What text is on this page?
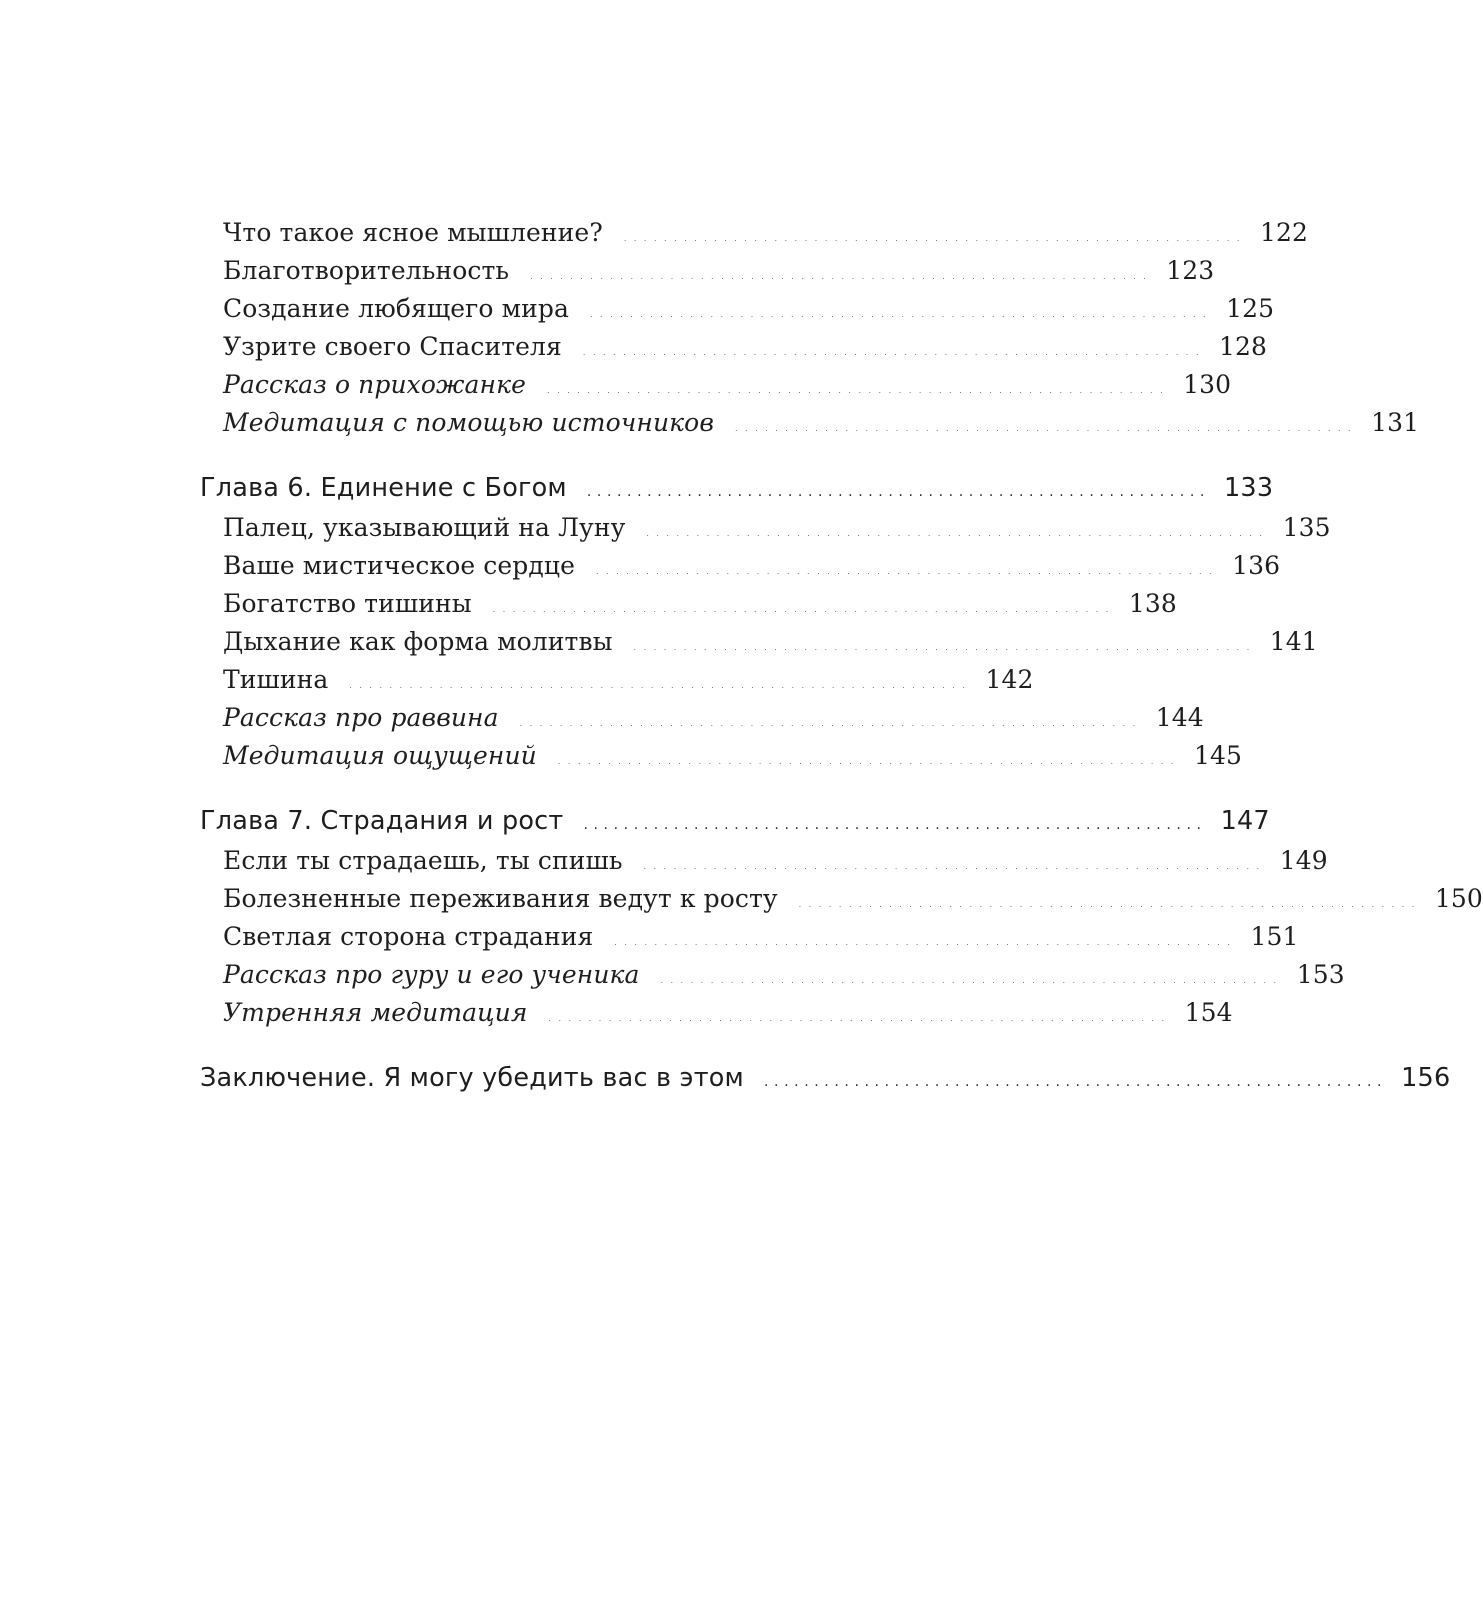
Что такое ясное мышление? .............................................................. 122
Благотворительность .............................................................. 123
Создание любящего мира .............................................................. 125
Узрите своего Спасителя .............................................................. 128
Рассказ о прихожанке .............................................................. 130
Медитация с помощью источников .............................................................. 131
Глава 6. Единение с Богом .............................................................. 133
Палец, указывающий на Луну .............................................................. 135
Ваше мистическое сердце .............................................................. 136
Богатство тишины .............................................................. 138
Дыхание как форма молитвы .............................................................. 141
Тишина .............................................................. 142
Рассказ про раввина .............................................................. 144
Медитация ощущений .............................................................. 145
Глава 7. Страдания и рост .............................................................. 147
Если ты страдаешь, ты спишь .............................................................. 149
Болезненные переживания ведут к росту .............................................................. 150
Светлая сторона страдания .............................................................. 151
Рассказ про гуру и его ученика .............................................................. 153
Утренняя медитация .............................................................. 154
Заключение. Я могу убедить вас в этом .............................................................. 156
